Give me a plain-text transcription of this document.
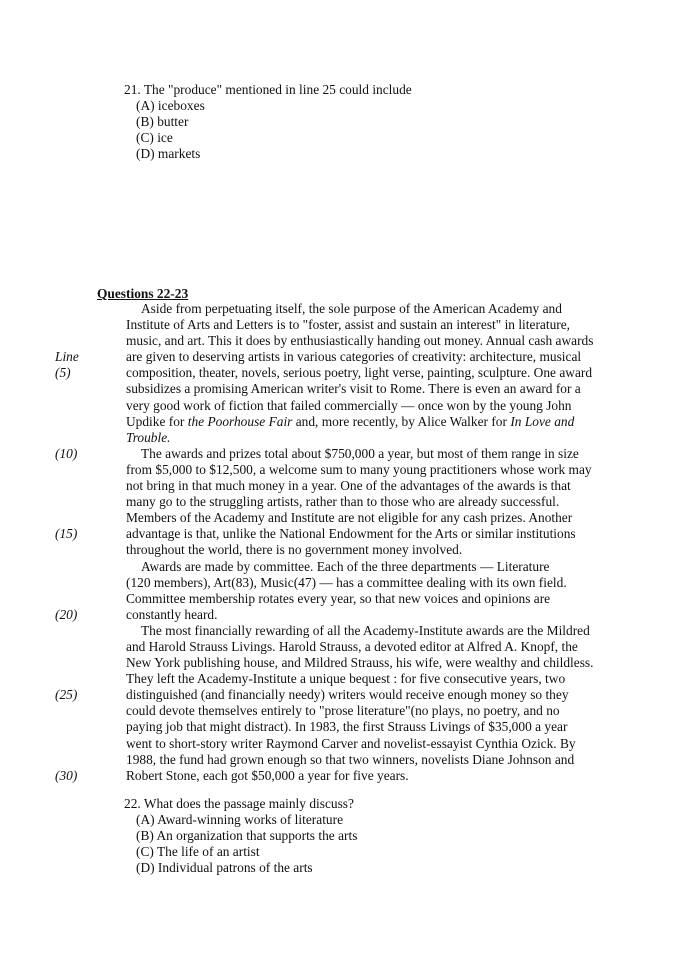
21. The "produce" mentioned in line 25 could include
(A) iceboxes
(B) butter
(C) ice
(D) markets
Questions 22-23
Aside from perpetuating itself, the sole purpose of the American Academy and
Institute of Arts and Letters is to "foster, assist and sustain an interest" in literature,
music, and art. This it does by enthusiastically handing out money. Annual cash awards
Line	are given to deserving artists in various categories of creativity: architecture, musical
(5)	composition, theater, novels, serious poetry, light verse, painting, sculpture. One award
subsidizes a promising American writer's visit to Rome. There is even an award for a
very good work of fiction that failed commercially — once won by the young John
Updike for the Poorhouse Fair and, more recently, by Alice Walker for In Love and
Trouble.
(10)	The awards and prizes total about $750,000 a year, but most of them range in size
from $5,000 to $12,500, a welcome sum to many young practitioners whose work may
not bring in that much money in a year. One of the advantages of the awards is that
many go to the struggling artists, rather than to those who are already successful.
Members of the Academy and Institute are not eligible for any cash prizes. Another
(15)	advantage is that, unlike the National Endowment for the Arts or similar institutions
throughout the world, there is no government money involved.
Awards are made by committee. Each of the three departments — Literature
(120 members), Art(83), Music(47) — has a committee dealing with its own field.
Committee membership rotates every year, so that new voices and opinions are
(20)	constantly heard.
The most financially rewarding of all the Academy-Institute awards are the Mildred
and Harold Strauss Livings. Harold Strauss, a devoted editor at Alfred A. Knopf, the
New York publishing house, and Mildred Strauss, his wife, were wealthy and childless.
They left the Academy-Institute a unique bequest : for five consecutive years, two
(25)	distinguished (and financially needy) writers would receive enough money so they
could devote themselves entirely to "prose literature"(no plays, no poetry, and no
paying job that might distract). In 1983, the first Strauss Livings of $35,000 a year
went to short-story writer Raymond Carver and novelist-essayist Cynthia Ozick. By
1988, the fund had grown enough so that two winners, novelists Diane Johnson and
(30)	Robert Stone, each got $50,000 a year for five years.
22. What does the passage mainly discuss?
(A) Award-winning works of literature
(B) An organization that supports the arts
(C) The life of an artist
(D) Individual patrons of the arts
